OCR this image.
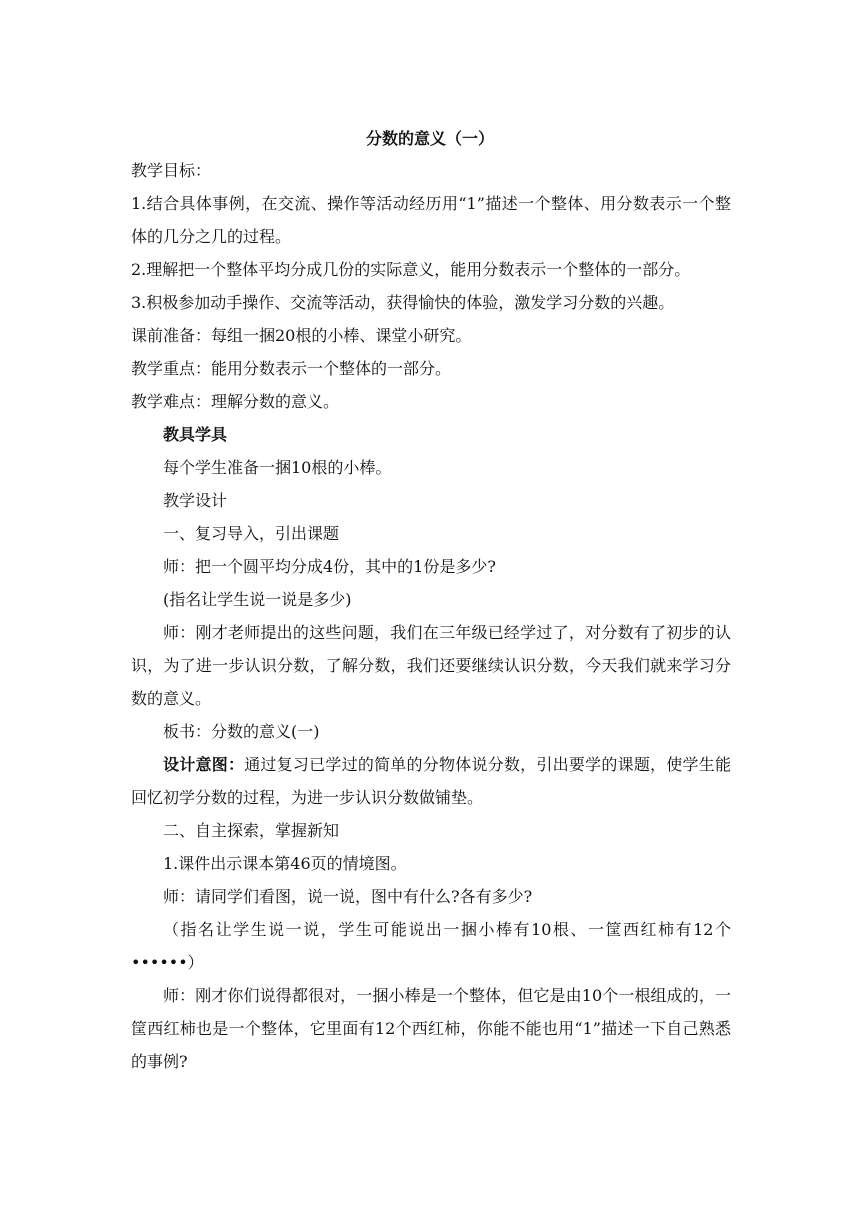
分数的意义（一）

教学目标：

1.结合具体事例，在交流、操作等活动经历用“1”描述一个整体、用分数表示一个整体的几分之几的过程。

2.理解把一个整体平均分成几份的实际意义，能用分数表示一个整体的一部分。

3.积极参加动手操作、交流等活动，获得愉快的体验，激发学习分数的兴趣。

课前准备：每组一捆20根的小棒、课堂小研究。

教学重点：能用分数表示一个整体的一部分。

教学难点：理解分数的意义。

教具学具

每个学生准备一捆10根的小棒。

教学设计

一、复习导入，引出课题

师：把一个圆平均分成4份，其中的1份是多少?

(指名让学生说一说是多少)

师：刚才老师提出的这些问题，我们在三年级已经学过了，对分数有了初步的认识，为了进一步认识分数，了解分数，我们还要继续认识分数，今天我们就来学习分数的意义。

板书：分数的意义(一)

设计意图：通过复习已学过的简单的分物体说分数，引出要学的课题，使学生能回忆初学分数的过程，为进一步认识分数做铺垫。

二、自主探索，掌握新知

1.课件出示课本第46页的情境图。

师：请同学们看图，说一说，图中有什么?各有多少?

（指名让学生说一说，学生可能说出一捆小棒有10根、一筐西红柿有12个 ••••••）

师：刚才你们说得都很对，一捆小棒是一个整体，但它是由10个一根组成的，一筐西红柿也是一个整体，它里面有12个西红柿，你能不能也用“1”描述一下自己熟悉的事例?
